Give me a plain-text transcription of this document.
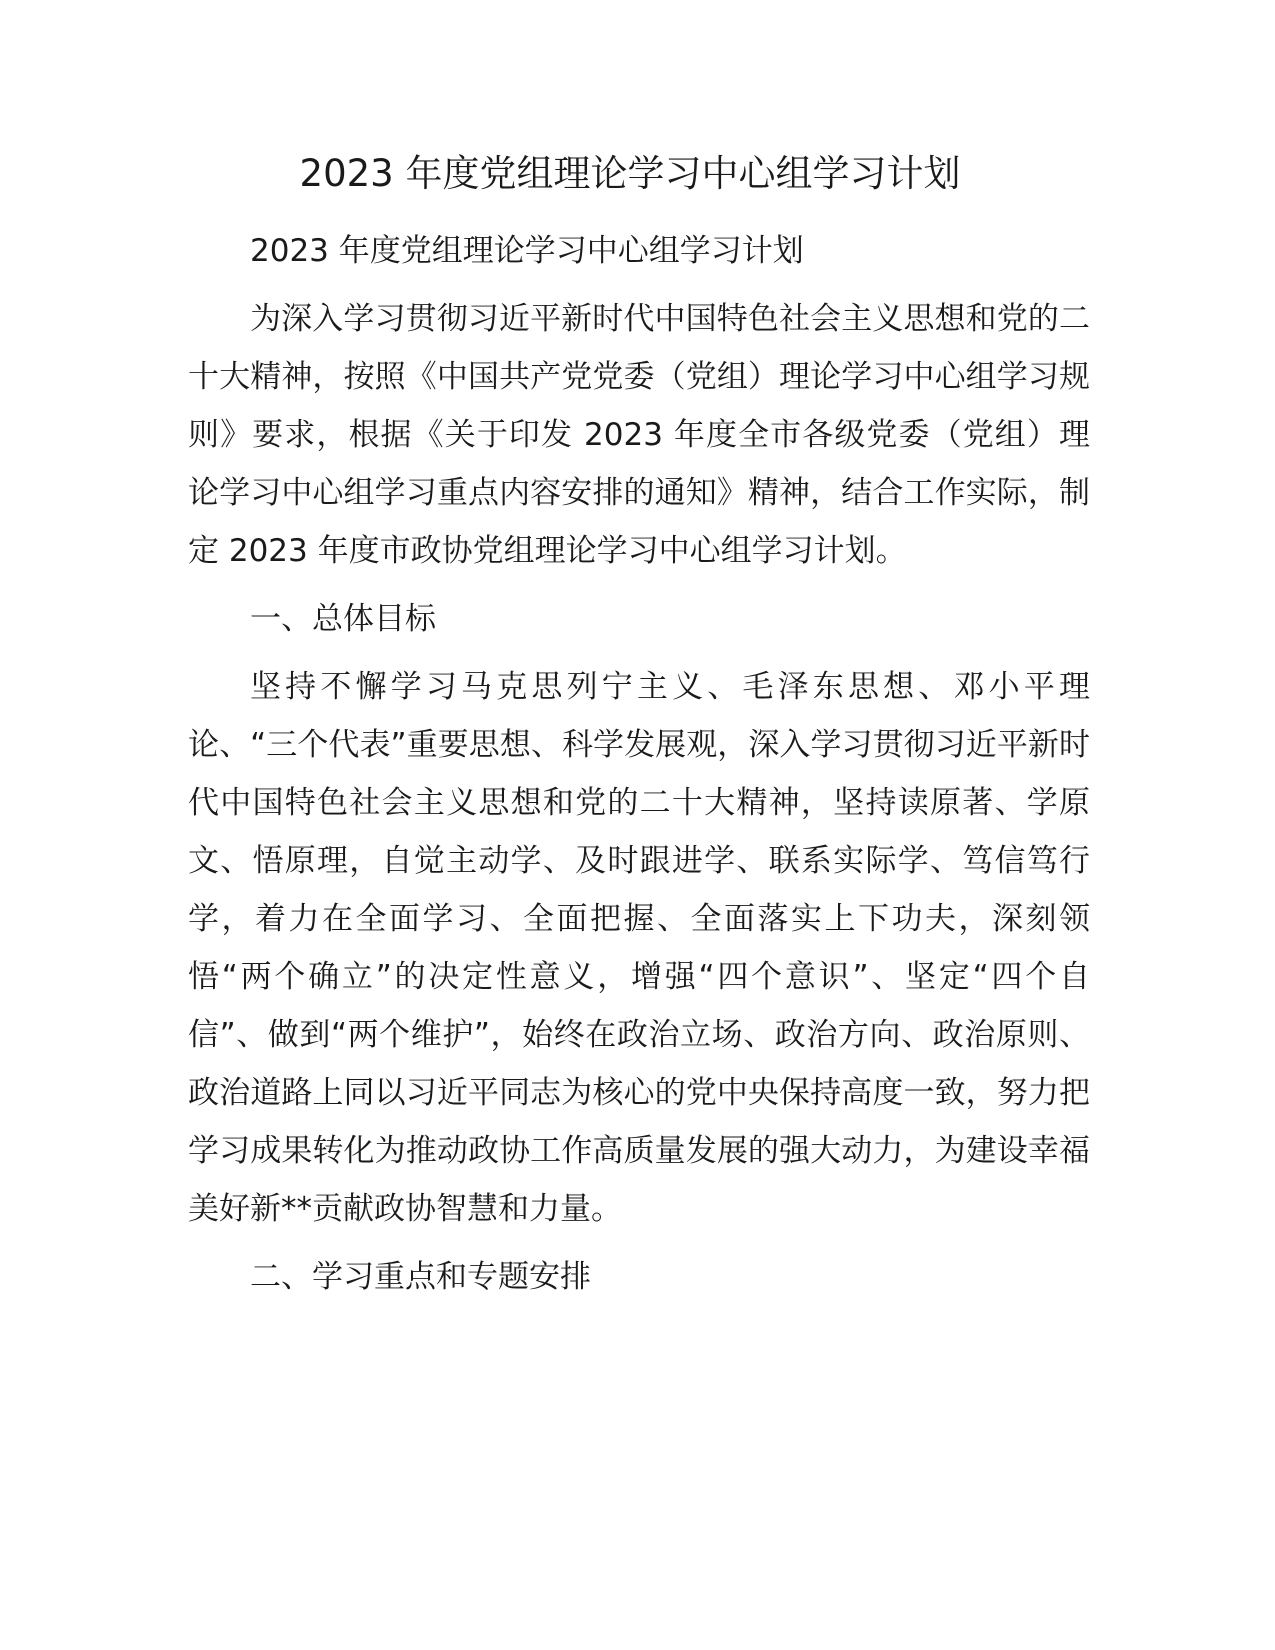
2023 年度党组理论学习中心组学习计划

2023 年度党组理论学习中心组学习计划

为深入学习贯彻习近平新时代中国特色社会主义思想和党的二十大精神，按照《中国共产党党委（党组）理论学习中心组学习规则》要求，根据《关于印发 2023 年度全市各级党委（党组）理论学习中心组学习重点内容安排的通知》精神，结合工作实际，制定 2023 年度市政协党组理论学习中心组学习计划。

一、总体目标

坚持不懈学习马克思列宁主义、毛泽东思想、邓小平理论、“三个代表”重要思想、科学发展观，深入学习贯彻习近平新时代中国特色社会主义思想和党的二十大精神，坚持读原著、学原文、悟原理，自觉主动学、及时跟进学、联系实际学、笃信笃行学，着力在全面学习、全面把握、全面落实上下功夫，深刻领悟“两个确立”的决定性意义，增强“四个意识”、坚定“四个自信”、做到“两个维护”，始终在政治立场、政治方向、政治原则、政治道路上同以习近平同志为核心的党中央保持高度一致，努力把学习成果转化为推动政协工作高质量发展的强大动力，为建设幸福美好新**贡献政协智慧和力量。

二、学习重点和专题安排
